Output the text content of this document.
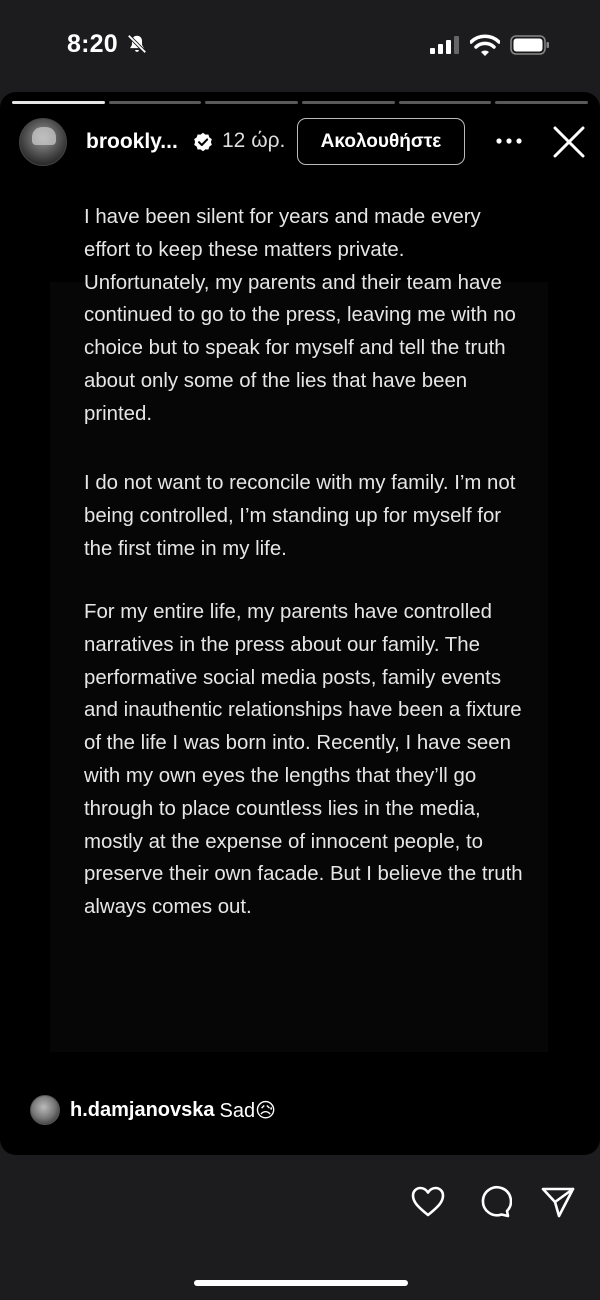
8:20
brookly... 12 ώρ.	Ακολουθήστε
h.damjanovska Sad😥
I have been silent for years and made every effort to keep these matters private. Unfortunately, my parents and their team have continued to go to the press, leaving me with no choice but to speak for myself and tell the truth about only some of the lies that have been printed.
I do not want to reconcile with my family. I’m not being controlled, I’m standing up for myself for the first time in my life.
For my entire life, my parents have controlled narratives in the press about our family. The performative social media posts, family events and inauthentic relationships have been a fixture of the life I was born into. Recently, I have seen with my own eyes the lengths that they’ll go through to place countless lies in the media, mostly at the expense of innocent people, to preserve their own facade. But I believe the truth always comes out.
